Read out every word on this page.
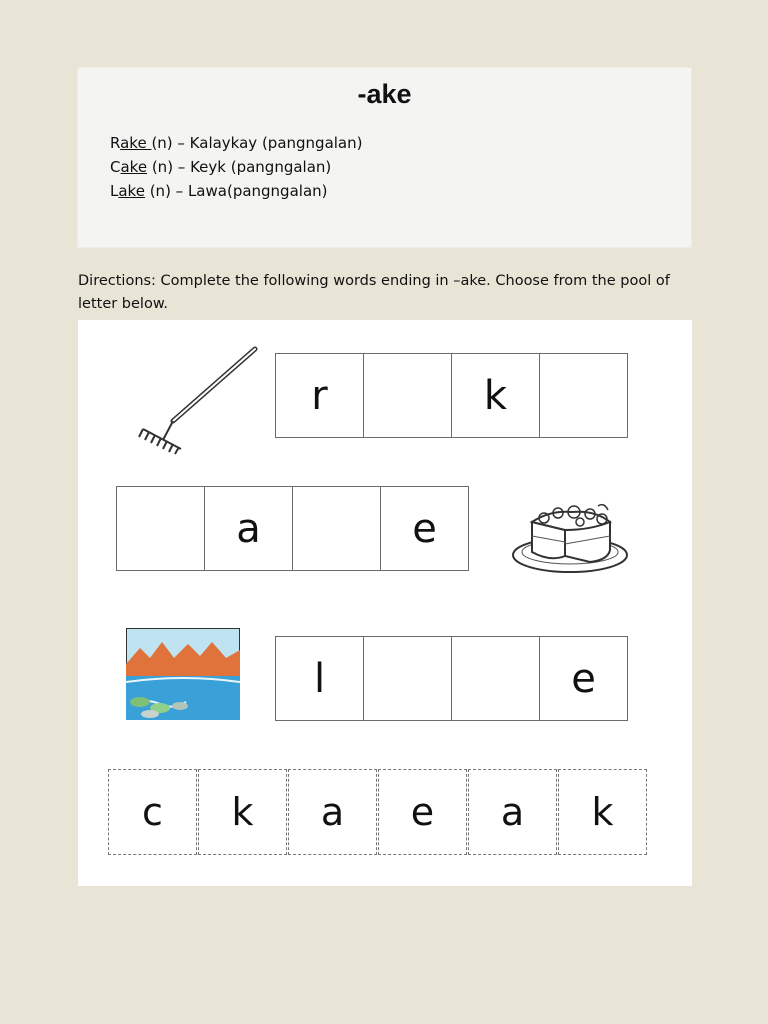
-ake
Rake (n) – Kalaykay (pangngalan)
Cake (n) – Keyk (pangngalan)
Lake (n) – Lawa(pangngalan)
Directions: Complete the following words ending in –ake. Choose from the pool of letter below.
r	k
a	e
l	e
c	k	a	e	a	k
